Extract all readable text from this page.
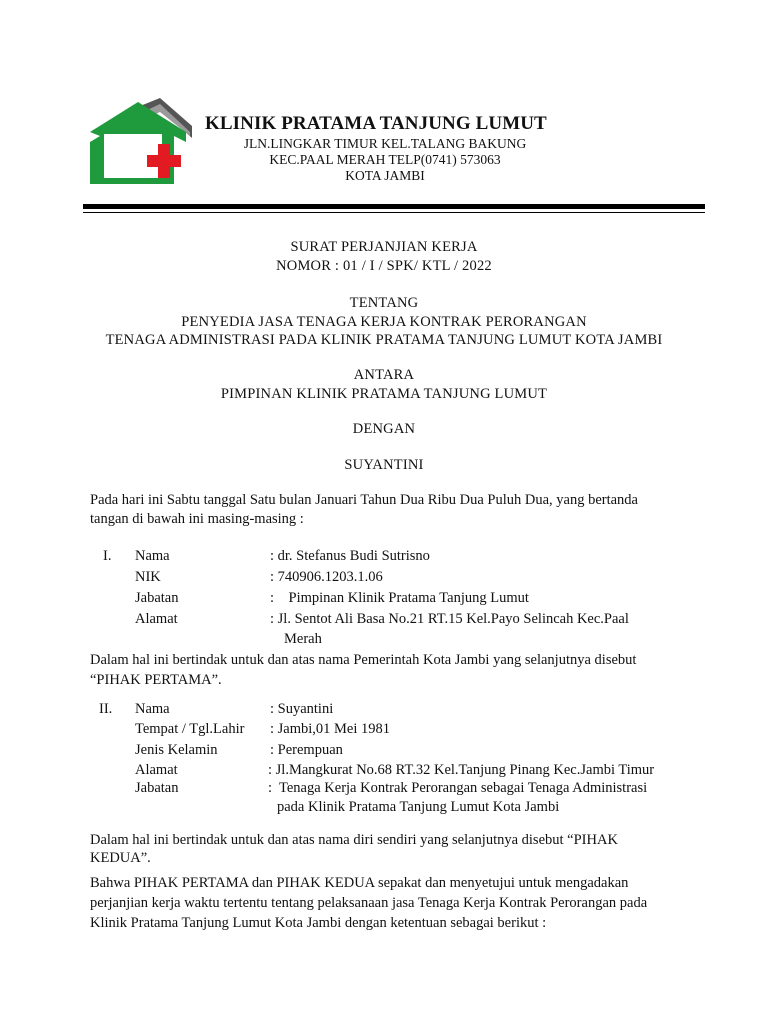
KLINIK PRATAMA TANJUNG LUMUT
JLN.LINGKAR TIMUR KEL.TALANG BAKUNG
KEC.PAAL MERAH TELP(0741) 573063
KOTA JAMBI
SURAT PERJANJIAN KERJA
NOMOR : 01 / I / SPK/ KTL / 2022
TENTANG
PENYEDIA JASA TENAGA KERJA KONTRAK PERORANGAN
TENAGA ADMINISTRASI PADA KLINIK PRATAMA TANJUNG LUMUT KOTA JAMBI
ANTARA
PIMPINAN KLINIK PRATAMA TANJUNG LUMUT
DENGAN
SUYANTINI
Pada hari ini Sabtu tanggal Satu bulan Januari Tahun Dua Ribu Dua Puluh Dua, yang bertanda
tangan di bawah ini masing-masing :
I. Nama	: dr. Stefanus Budi Sutrisno
NIK	: 740906.1203.1.06
Jabatan	:    Pimpinan Klinik Pratama Tanjung Lumut
Alamat	: Jl. Sentot Ali Basa No.21 RT.15 Kel.Payo Selincah Kec.Paal
Merah
Dalam hal ini bertindak untuk dan atas nama Pemerintah Kota Jambi yang selanjutnya disebut
“PIHAK PERTAMA”.
II. Nama	: Suyantini
Tempat / Tgl.Lahir : Jambi,01 Mei 1981
Jenis Kelamin	: Perempuan
Alamat	: Jl.Mangkurat No.68 RT.32 Kel.Tanjung Pinang Kec.Jambi Timur
Jabatan	:  Tenaga Kerja Kontrak Perorangan sebagai Tenaga Administrasi
pada Klinik Pratama Tanjung Lumut Kota Jambi
Dalam hal ini bertindak untuk dan atas nama diri sendiri yang selanjutnya disebut “PIHAK
KEDUA”.
Bahwa PIHAK PERTAMA dan PIHAK KEDUA sepakat dan menyetujui untuk mengadakan
perjanjian kerja waktu tertentu tentang pelaksanaan jasa Tenaga Kerja Kontrak Perorangan pada
Klinik Pratama Tanjung Lumut Kota Jambi dengan ketentuan sebagai berikut :
